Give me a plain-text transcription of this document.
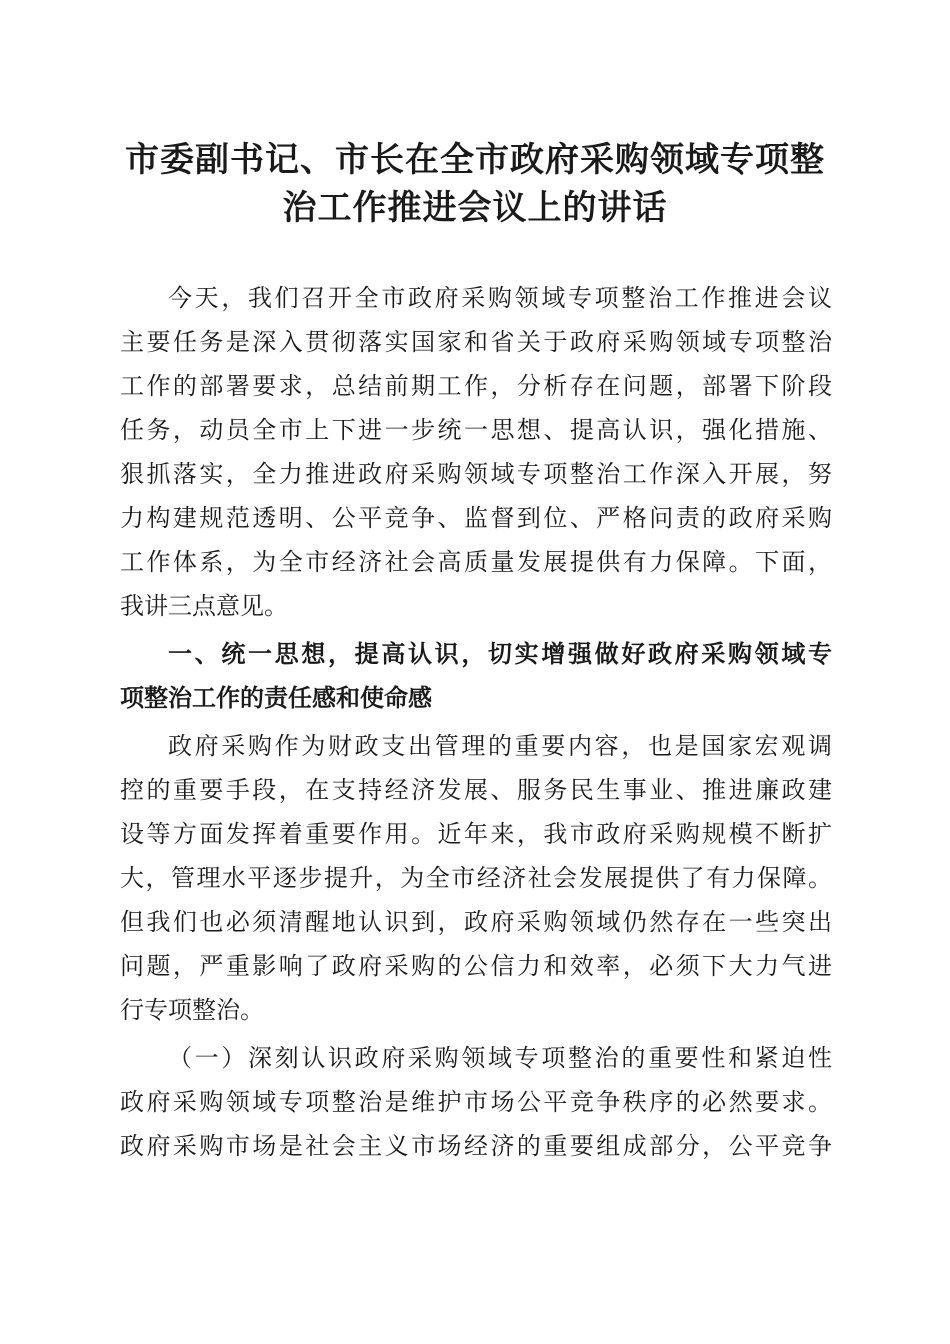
市委副书记、市长在全市政府采购领域专项整
治工作推进会议上的讲话

今天，我们召开全市政府采购领域专项整治工作推进会议

主要任务是深入贯彻落实国家和省关于政府采购领域专项整治

工作的部署要求，总结前期工作，分析存在问题，部署下阶段

任务，动员全市上下进一步统一思想、提高认识，强化措施、

狠抓落实，全力推进政府采购领域专项整治工作深入开展，努

力构建规范透明、公平竞争、监督到位、严格问责的政府采购

工作体系，为全市经济社会高质量发展提供有力保障。下面，

我讲三点意见。

一、统一思想，提高认识，切实增强做好政府采购领域专

项整治工作的责任感和使命感

政府采购作为财政支出管理的重要内容，也是国家宏观调

控的重要手段，在支持经济发展、服务民生事业、推进廉政建

设等方面发挥着重要作用。近年来，我市政府采购规模不断扩

大，管理水平逐步提升，为全市经济社会发展提供了有力保障。

但我们也必须清醒地认识到，政府采购领域仍然存在一些突出

问题，严重影响了政府采购的公信力和效率，必须下大力气进

行专项整治。

（一）深刻认识政府采购领域专项整治的重要性和紧迫性

政府采购领域专项整治是维护市场公平竞争秩序的必然要求。

政府采购市场是社会主义市场经济的重要组成部分，公平竞争
